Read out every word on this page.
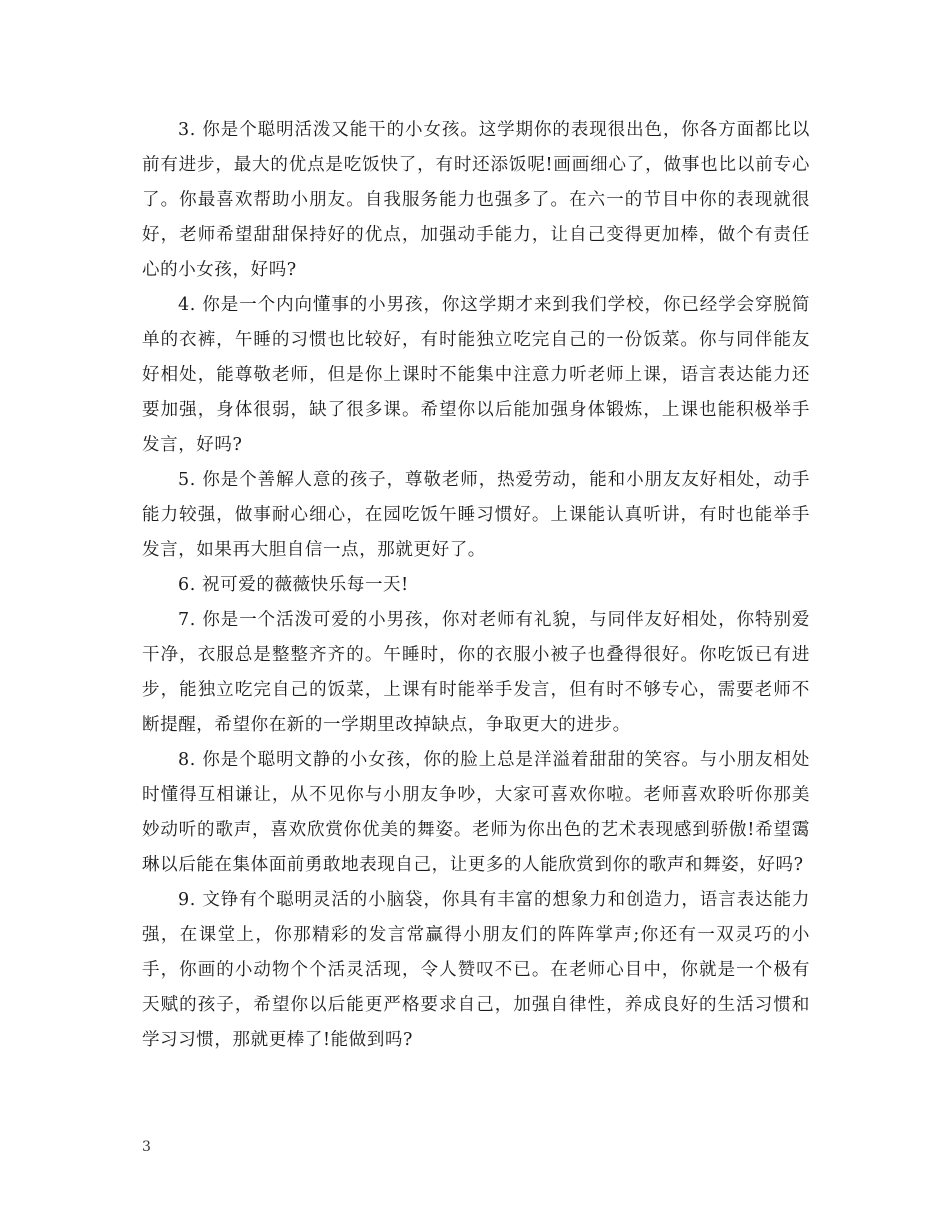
3. 你是个聪明活泼又能干的小女孩。这学期你的表现很出色，你各方面都比以前有进步，最大的优点是吃饭快了，有时还添饭呢!画画细心了，做事也比以前专心了。你最喜欢帮助小朋友。自我服务能力也强多了。在六一的节目中你的表现就很好，老师希望甜甜保持好的优点，加强动手能力，让自己变得更加棒，做个有责任心的小女孩，好吗?

4. 你是一个内向懂事的小男孩，你这学期才来到我们学校，你已经学会穿脱简单的衣裤，午睡的习惯也比较好，有时能独立吃完自己的一份饭菜。你与同伴能友好相处，能尊敬老师，但是你上课时不能集中注意力听老师上课，语言表达能力还要加强，身体很弱，缺了很多课。希望你以后能加强身体锻炼，上课也能积极举手发言，好吗?

5. 你是个善解人意的孩子，尊敬老师，热爱劳动，能和小朋友友好相处，动手能力较强，做事耐心细心，在园吃饭午睡习惯好。上课能认真听讲，有时也能举手发言，如果再大胆自信一点，那就更好了。

6. 祝可爱的薇薇快乐每一天!

7. 你是一个活泼可爱的小男孩，你对老师有礼貌，与同伴友好相处，你特别爱干净，衣服总是整整齐齐的。午睡时，你的衣服小被子也叠得很好。你吃饭已有进步，能独立吃完自己的饭菜，上课有时能举手发言，但有时不够专心，需要老师不断提醒，希望你在新的一学期里改掉缺点，争取更大的进步。

8. 你是个聪明文静的小女孩，你的脸上总是洋溢着甜甜的笑容。与小朋友相处时懂得互相谦让，从不见你与小朋友争吵，大家可喜欢你啦。老师喜欢聆听你那美妙动听的歌声，喜欢欣赏你优美的舞姿。老师为你出色的艺术表现感到骄傲!希望霭琳以后能在集体面前勇敢地表现自己，让更多的人能欣赏到你的歌声和舞姿，好吗?

9. 文铮有个聪明灵活的小脑袋，你具有丰富的想象力和创造力，语言表达能力强，在课堂上，你那精彩的发言常赢得小朋友们的阵阵掌声;你还有一双灵巧的小手，你画的小动物个个活灵活现，令人赞叹不已。在老师心目中，你就是一个极有天赋的孩子，希望你以后能更严格要求自己，加强自律性，养成良好的生活习惯和学习习惯，那就更棒了!能做到吗?

3
